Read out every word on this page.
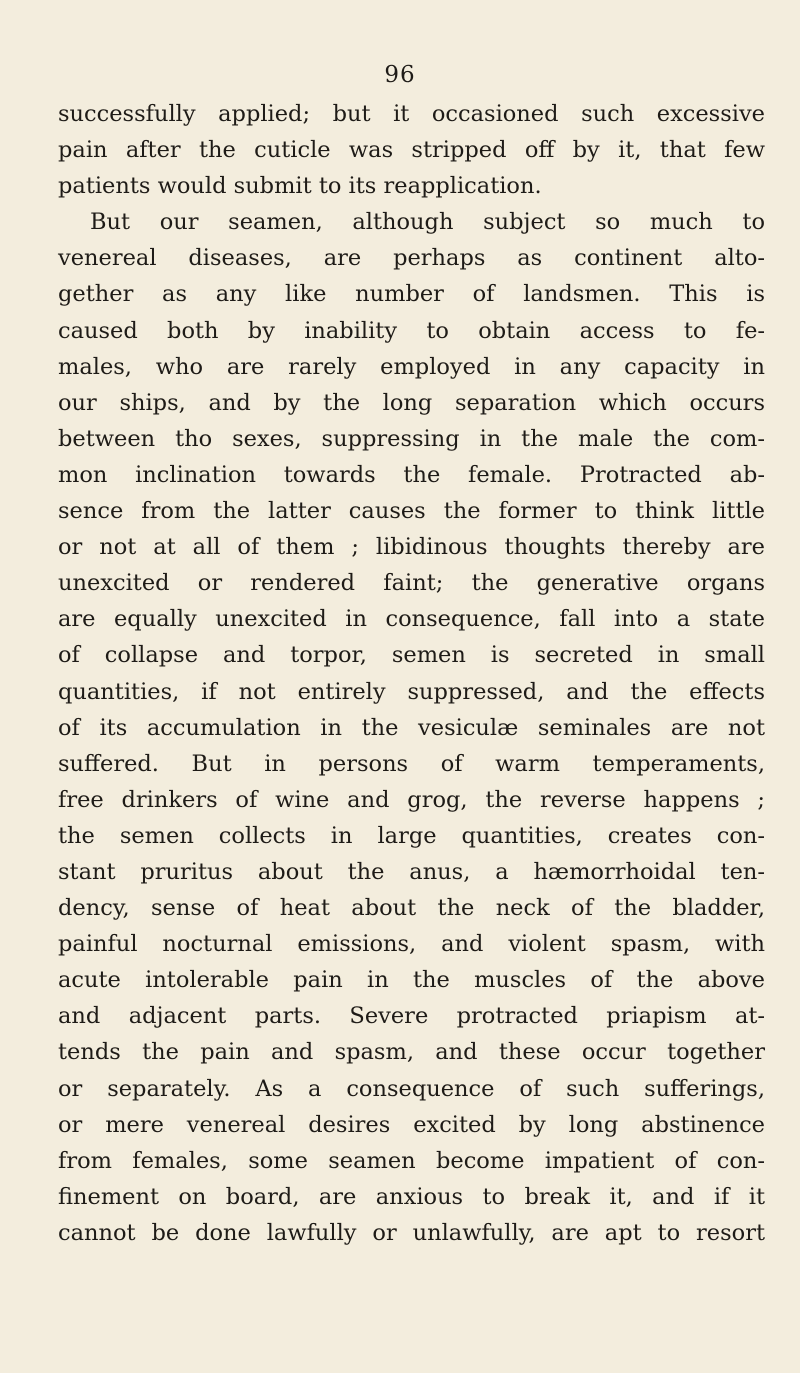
96
successfully applied; but it occasioned such excessive
pain after the cuticle was stripped off by it, that few
patients would submit to its reapplication.
But our seamen, although subject so much to
venereal diseases, are perhaps as continent alto-
gether as any like number of landsmen. This is
caused both by inability to obtain access to fe-
males, who are rarely employed in any capacity in
our ships, and by the long separation which occurs
between tho sexes, suppressing in the male the com-
mon inclination towards the female. Protracted ab-
sence from the latter causes the former to think little
or not at all of them ; libidinous thoughts thereby are
unexcited or rendered faint; the generative organs
are equally unexcited in consequence, fall into a state
of collapse and torpor, semen is secreted in small
quantities, if not entirely suppressed, and the effects
of its accumulation in the vesiculæ seminales are not
suffered. But in persons of warm temperaments,
free drinkers of wine and grog, the reverse happens ;
the semen collects in large quantities, creates con-
stant pruritus about the anus, a hæmorrhoidal ten-
dency, sense of heat about the neck of the bladder,
painful nocturnal emissions, and violent spasm, with
acute intolerable pain in the muscles of the above
and adjacent parts. Severe protracted priapism at-
tends the pain and spasm, and these occur together
or separately. As a consequence of such sufferings,
or mere venereal desires excited by long abstinence
from females, some seamen become impatient of con-
finement on board, are anxious to break it, and if it
cannot be done lawfully or unlawfully, are apt to resort
